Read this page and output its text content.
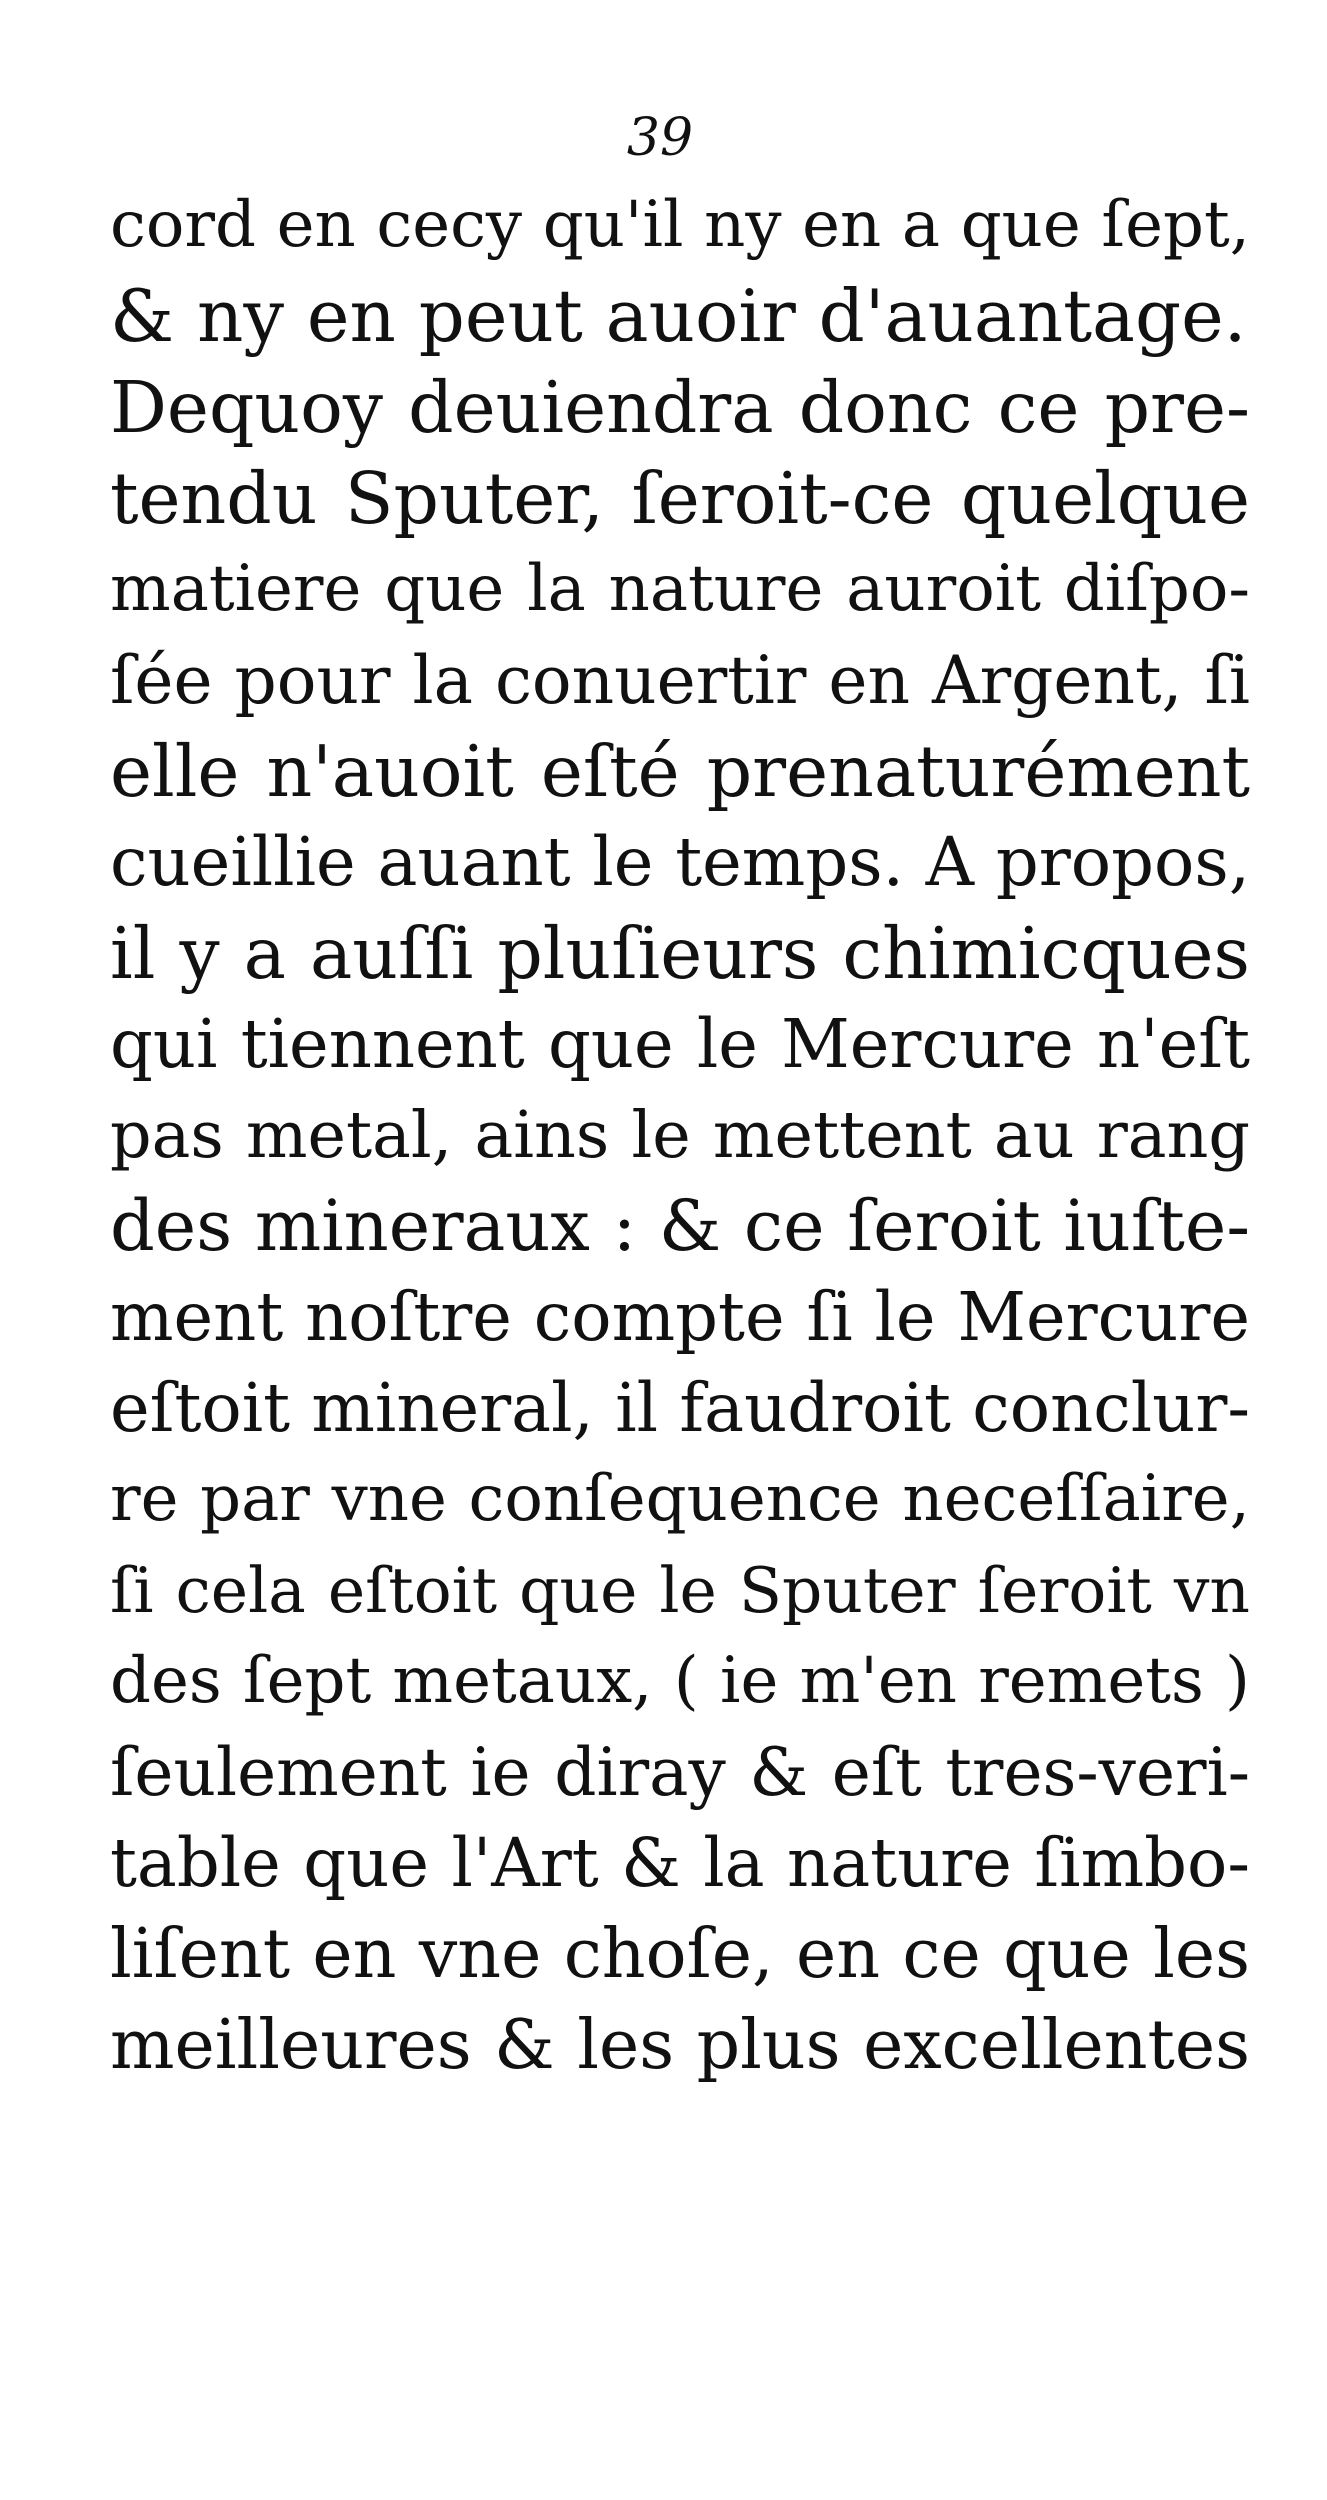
39
cord en cecy qu'il ny en a que ſept,
& ny en peut auoir d'auantage.
Dequoy deuiendra donc ce pre-
tendu Sputer, ſeroit-ce quelque
matiere que la nature auroit diſpo-
ſée pour la conuertir en Argent, ſi
elle n'auoit eſté prenaturément
cueillie auant le temps. A propos,
il y a auſſi pluſieurs chimicques
qui tiennent que le Mercure n'eſt
pas metal, ains le mettent au rang
des mineraux : & ce ſeroit iuſte-
ment noſtre compte ſi le Mercure
eſtoit mineral, il faudroit conclur-
re par vne conſequence neceſſaire,
ſi cela eſtoit que le Sputer ſeroit vn
des ſept metaux, ( ie m'en remets )
ſeulement ie diray & eſt tres-veri-
table que l'Art & la nature ſimbo-
liſent en vne choſe, en ce que les
meilleures & les plus excellentes
